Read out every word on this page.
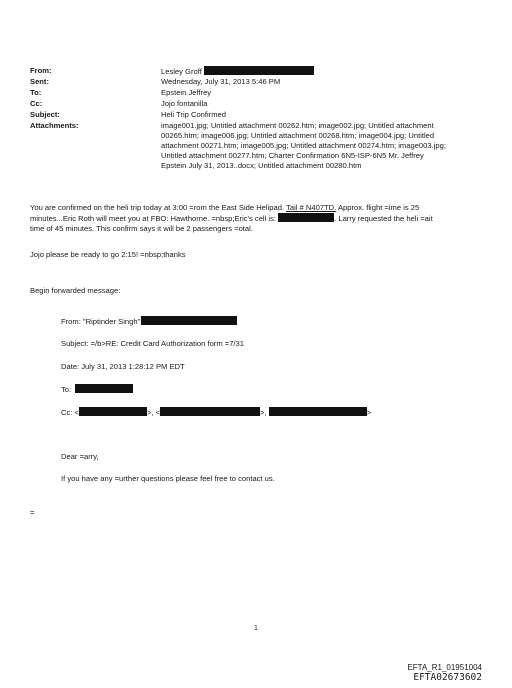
From:	Lesley Groff
Sent:	Wednesday, July 31, 2013 5:46 PM
To:	Epstein Jeffrey
Cc:	Jojo fontanilla
Subject:	Heli Trip Confirmed
Attachments:	image001.jpg; Untitled attachment 00262.htm; image002.jpg; Untitled attachment
00265.htm; image006.jpg; Untitled attachment 00268.htm; image004.jpg; Untitled
attachment 00271.htm; image005.jpg; Untitled attachment 00274.htm; image003.jpg;
Untitled attachment 00277.htm; Charter Confirmation 6N5-ISP-6N5 Mr. Jeffrey
Epstein July 31, 2013..docx; Untitled attachment 00280.htm
You are confirmed on the heli trip today at 3:00 =rom the East Side Helipad. Tail # N407TD. Approx. flight =ime is 25
minutes...Eric Roth will meet you at FBO: Hawthorne. =nbsp;Eric's cell is:	. Larry requested the heli =ait
time of 45 minutes. This confirm says it will be 2 passengers =otal.
Jojo please be ready to go 2:15! =nbsp;thanks
Begin forwarded message:
From: "Riptinder Singh"
Subject: =/b>RE: Credit Card Authorization form =7/31
Date: July 31, 2013 1:28:12 PM EDT
To:
Cc: <	>, <	>,	>
Dear =arry,
If you have any =urther questions please feel free to contact us.
=
1
EFTA_R1_01951004
EFTA02673602
